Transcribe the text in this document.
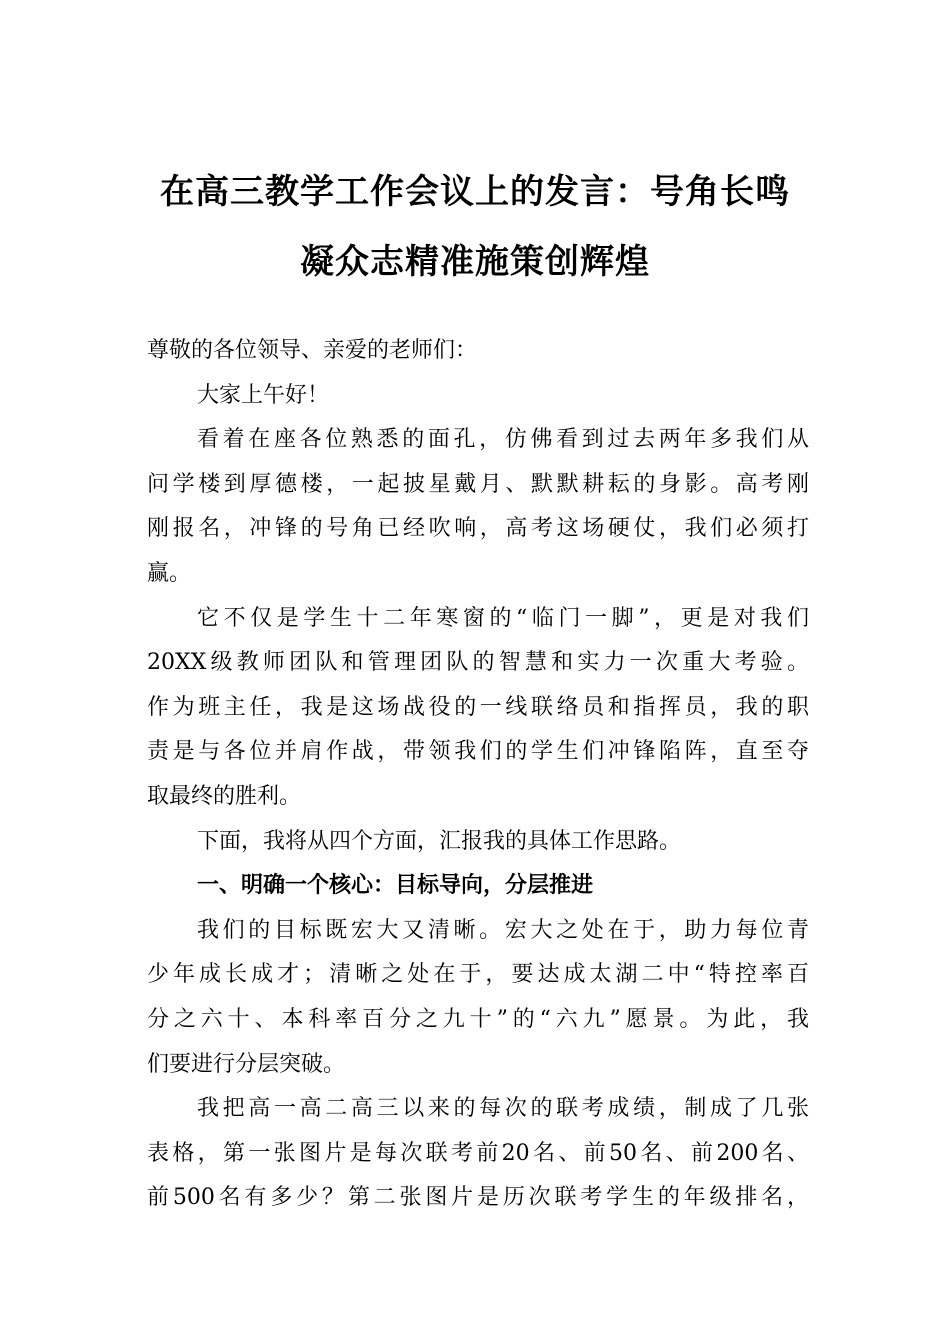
在高三教学工作会议上的发言：号角长鸣
凝众志精准施策创辉煌
尊敬的各位领导、亲爱的老师们：
大家上午好！
看着在座各位熟悉的面孔，仿佛看到过去两年多我们从
问学楼到厚德楼，一起披星戴月、默默耕耘的身影。高考刚
刚报名，冲锋的号角已经吹响，高考这场硬仗，我们必须打
赢。
它不仅是学生十二年寒窗的“临门一脚”，更是对我们
20XX级教师团队和管理团队的智慧和实力一次重大考验。
作为班主任，我是这场战役的一线联络员和指挥员，我的职
责是与各位并肩作战，带领我们的学生们冲锋陷阵，直至夺
取最终的胜利。
下面，我将从四个方面，汇报我的具体工作思路。
一、明确一个核心：目标导向，分层推进
我们的目标既宏大又清晰。宏大之处在于，助力每位青
少年成长成才；清晰之处在于，要达成太湖二中“特控率百
分之六十、本科率百分之九十”的“六九”愿景。为此，我
们要进行分层突破。
我把高一高二高三以来的每次的联考成绩，制成了几张
表格，第一张图片是每次联考前20名、前50名、前200名、
前500名有多少？第二张图片是历次联考学生的年级排名，
